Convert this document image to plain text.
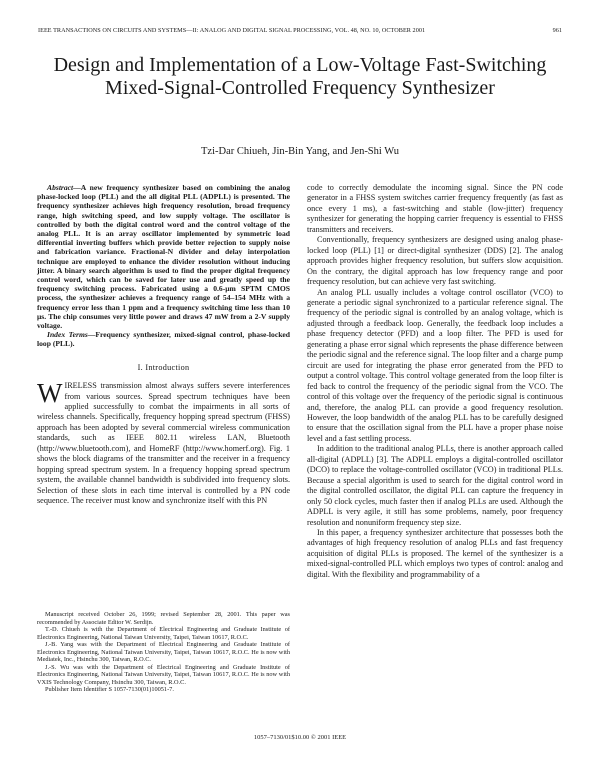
IEEE TRANSACTIONS ON CIRCUITS AND SYSTEMS—II: ANALOG AND DIGITAL SIGNAL PROCESSING, VOL. 48, NO. 10, OCTOBER 2001	961
Design and Implementation of a Low-Voltage Fast-Switching Mixed-Signal-Controlled Frequency Synthesizer
Tzi-Dar Chiueh, Jin-Bin Yang, and Jen-Shi Wu

Abstract—A new frequency synthesizer based on combining the analog phase-locked loop (PLL) and the all digital PLL (ADPLL) is presented. The frequency synthesizer achieves high frequency resolution, broad frequency range, high switching speed, and low supply voltage. The oscillator is controlled by both the digital control word and the control voltage of the analog PLL. It is an array oscillator implemented by symmetric load differential inverting buffers which provide better rejection to supply noise and fabrication variance. Fractional-N divider and delay interpolation technique are employed to enhance the divider resolution without inducing jitter. A binary search algorithm is used to find the proper digital frequency control word, which can be saved for later use and greatly speed up the frequency switching process. Fabricated using a 0.6-μm SPTM CMOS process, the synthesizer achieves a frequency range of 54–154 MHz with a frequency error less than 1 ppm and a frequency switching time less than 10 μs. The chip consumes very little power and draws 47 mW from a 2-V supply voltage.

Index Terms—Frequency synthesizer, mixed-signal control, phase-locked loop (PLL).

I. Introduction

WIRELESS transmission almost always suffers severe interferences from various sources. Spread spectrum techniques have been applied successfully to combat the impairments in all sorts of wireless channels. Specifically, frequency hopping spread spectrum (FHSS) approach has been adopted by several commercial wireless communication standards, such as IEEE 802.11 wireless LAN, Bluetooth (http://www.bluetooth.com), and HomeRF (http://www.homerf.org). Fig. 1 shows the block diagrams of the transmitter and the receiver in a frequency hopping spread spectrum system. In a frequency hopping spread spectrum system, the available channel bandwidth is subdivided into frequency slots. Selection of these slots in each time interval is controlled by a PN code sequence. The receiver must know and synchronize itself with this PN

Manuscript received October 26, 1999; revised September 28, 2001. This paper was recommended by Associate Editor W. Serdijn.

T.-D. Chiueh is with the Department of Electrical Engineering and Graduate Institute of Electronics Engineering, National Taiwan University, Taipei, Taiwan 10617, R.O.C.

J.-B. Yang was with the Department of Electrical Engineering and Graduate Institute of Electronics Engineering, National Taiwan University, Taipei, Taiwan 10617, R.O.C. He is now with Mediatek, Inc., Hsinchu 300, Taiwan, R.O.C.

J.-S. Wu was with the Department of Electrical Engineering and Graduate Institute of Electronics Engineering, National Taiwan University, Taipei, Taiwan 10617, R.O.C. He is now with VXIS Technology Company, Hsinchu 300, Taiwan, R.O.C.

Publisher Item Identifier S 1057-7130(01)10051-7.

code to correctly demodulate the incoming signal. Since the PN code generator in a FHSS system switches carrier frequency frequently (as fast as once every 1 ms), a fast-switching and stable (low-jitter) frequency synthesizer for generating the hopping carrier frequency is essential to FHSS transmitters and receivers.

Conventionally, frequency synthesizers are designed using analog phase-locked loop (PLL) [1] or direct-digital synthesizer (DDS) [2]. The analog approach provides higher frequency resolution, but suffers slow acquisition. On the contrary, the digital approach has low frequency range and poor frequency resolution, but can achieve very fast switching.

An analog PLL usually includes a voltage control oscillator (VCO) to generate a periodic signal synchronized to a particular reference signal. The frequency of the periodic signal is controlled by an analog voltage, which is adjusted through a feedback loop. Generally, the feedback loop includes a phase frequency detector (PFD) and a loop filter. The PFD is used for generating a phase error signal which represents the phase difference between the periodic signal and the reference signal. The loop filter and a charge pump circuit are used for integrating the phase error generated from the PFD to output a control voltage. This control voltage generated from the loop filter is fed back to control the frequency of the periodic signal from the VCO. The control of this voltage over the frequency of the periodic signal is continuous and, therefore, the analog PLL can provide a good frequency resolution. However, the loop bandwidth of the analog PLL has to be carefully designed to ensure that the oscillation signal from the PLL have a proper phase noise level and a fast settling process.

In addition to the traditional analog PLLs, there is another approach called all-digital (ADPLL) [3]. The ADPLL employs a digital-controlled oscillator (DCO) to replace the voltage-controlled oscillator (VCO) in traditional PLLs. Because a special algorithm is used to search for the digital control word in the digital controlled oscillator, the digital PLL can capture the frequency in only 50 clock cycles, much faster then if analog PLLs are used. Although the ADPLL is very agile, it still has some problems, namely, poor frequency resolution and nonuniform frequency step size.

In this paper, a frequency synthesizer architecture that possesses both the advantages of high frequency resolution of analog PLLs and fast frequency acquisition of digital PLLs is proposed. The kernel of the synthesizer is a mixed-signal-controlled PLL which employs two types of control: analog and digital. With the flexibility and programmability of a

1057–7130/01$10.00 © 2001 IEEE
